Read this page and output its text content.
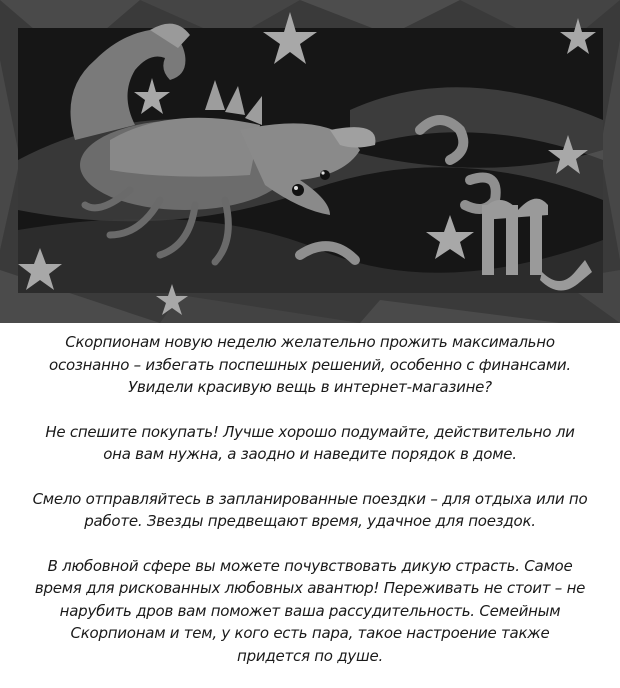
Скорпионам новую неделю желательно прожить максимально
осознанно – избегать поспешных решений, особенно с финансами.
Увидели красивую вещь в интернет-магазине?

Не спешите покупать! Лучше хорошо подумайте, действительно ли
она вам нужна, а заодно и наведите порядок в доме.

Смело отправляйтесь в запланированные поездки – для отдыха или по
работе. Звезды предвещают время, удачное для поездок.

В любовной сфере вы можете почувствовать дикую страсть. Самое
время для рискованных любовных авантюр! Переживать не стоит – не
нарубить дров вам поможет ваша рассудительность. Семейным
Скорпионам и тем, у кого есть пара, такое настроение также
придется по душе.
